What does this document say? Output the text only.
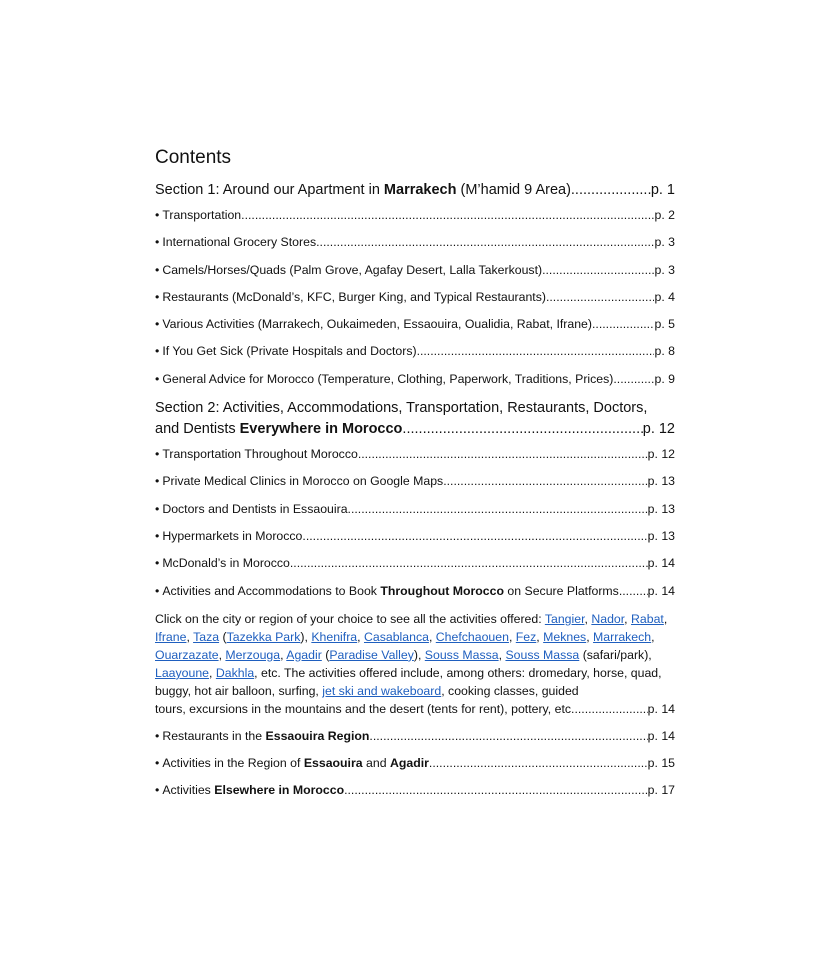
Contents
Section 1: Around our Apartment in Marrakech (M’hamid 9 Area) .....	p. 1
• Transportation .....	p. 2
• International Grocery Stores .....	p. 3
• Camels/Horses/Quads (Palm Grove, Agafay Desert, Lalla Takerkoust) .....	p. 3
• Restaurants (McDonald’s, KFC, Burger King, and Typical Restaurants) .....	p. 4
• Various Activities (Marrakech, Oukaimeden, Essaouira, Oualidia, Rabat, Ifrane) .....	p. 5
• If You Get Sick (Private Hospitals and Doctors) .....	p. 8
• General Advice for Morocco (Temperature, Clothing, Paperwork, Traditions, Prices) .....	p. 9
Section 2: Activities, Accommodations, Transportation, Restaurants, Doctors,
and Dentists Everywhere in Morocco .....	p. 12
• Transportation Throughout Morocco .....	p. 12
• Private Medical Clinics in Morocco on Google Maps .....	p. 13
• Doctors and Dentists in Essaouira .....	p. 13
• Hypermarkets in Morocco .....	p. 13
• McDonald’s in Morocco .....	p. 14
• Activities and Accommodations to Book Throughout Morocco on Secure Platforms ..... p. 14
Click on the city or region of your choice to see all the activities offered: Tangier, Nador, Rabat, Ifrane, Taza (Tazekka Park), Khenifra, Casablanca, Chefchaouen, Fez, Meknes, Marrakech, Ouarzazate, Merzouga, Agadir (Paradise Valley), Souss Massa, Souss Massa (safari/park), Laayoune, Dakhla, etc. The activities offered include, among others: dromedary, horse, quad, buggy, hot air balloon, surfing, jet ski and wakeboard, cooking classes, guided
tours, excursions in the mountains and the desert (tents for rent), pottery, etc .....	p. 14
• Restaurants in the Essaouira Region .....	p. 14
• Activities in the Region of Essaouira and Agadir .....	p. 15
• Activities Elsewhere in Morocco .....	p. 17
